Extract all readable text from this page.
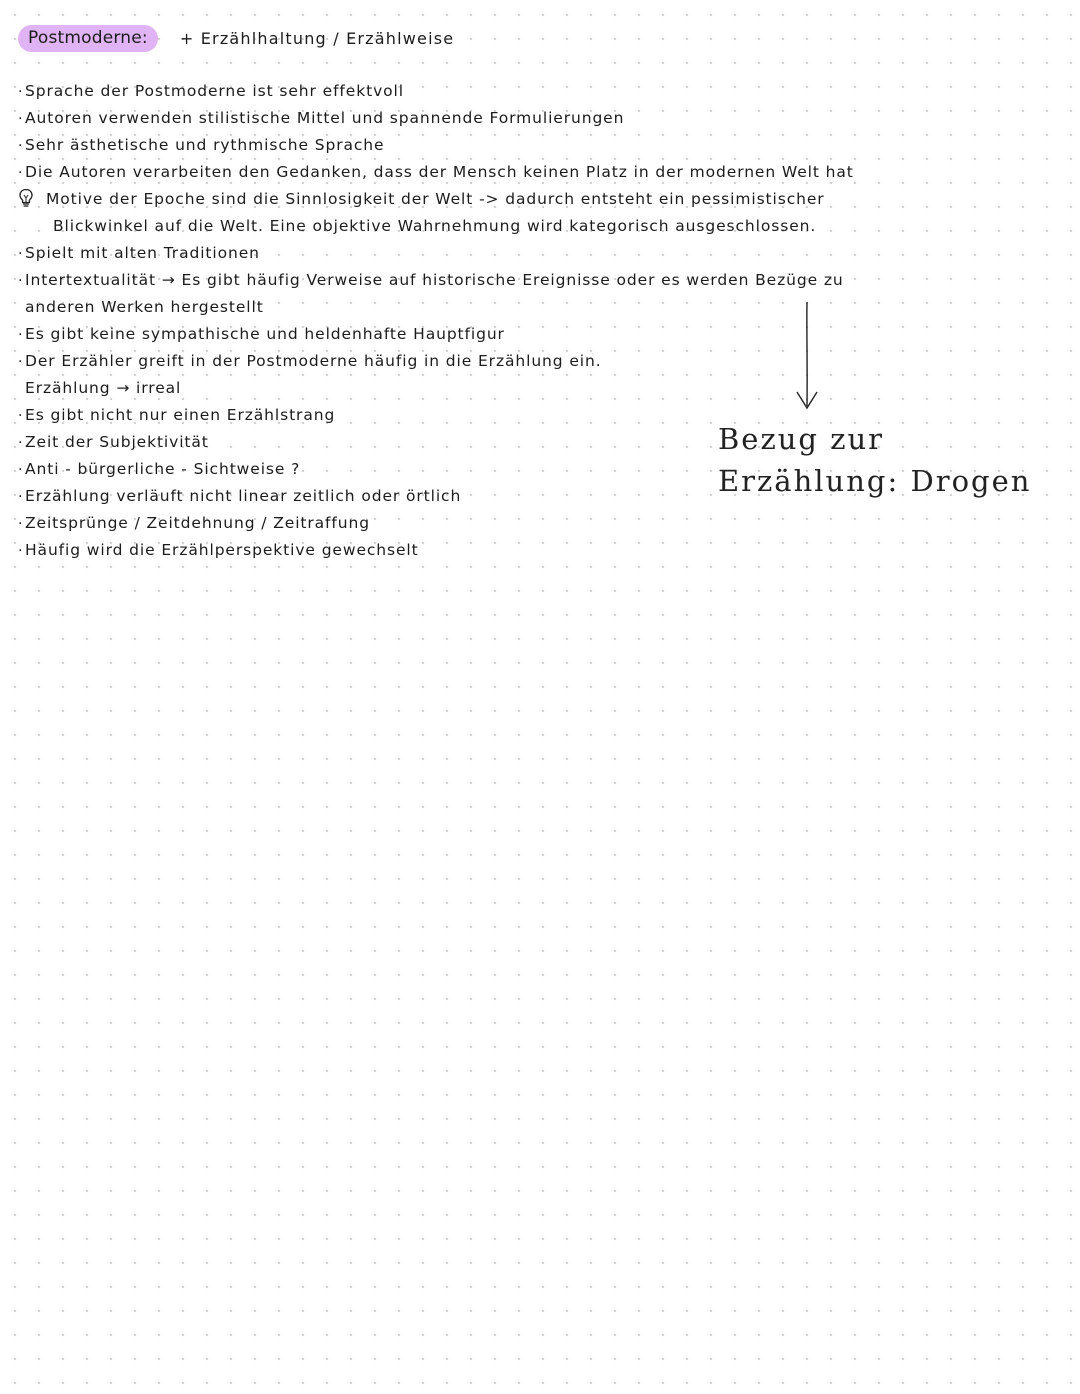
Postmoderne:	+ Erzählhaltung / Erzählweise
· Sprache der Postmoderne ist sehr effektvoll
· Autoren verwenden stilistische Mittel und spannende Formulierungen
· Sehr ästhetische und rythmische Sprache
· Die Autoren verarbeiten den Gedanken, dass der Mensch keinen Platz in der modernen Welt hat
Motive der Epoche sind die Sinnlosigkeit der Welt -> dadurch entsteht ein pessimistischer
Blickwinkel auf die Welt. Eine objektive Wahrnehmung wird kategorisch ausgeschlossen.
· Spielt mit alten Traditionen
· Intertextualität → Es gibt häufig Verweise auf historische Ereignisse oder es werden Bezüge zu
anderen Werken hergestellt
· Es gibt keine sympathische und heldenhafte Hauptfigur
· Der Erzähler greift in der Postmoderne häufig in die Erzählung ein.
Erzählung → irreal
· Es gibt nicht nur einen Erzählstrang
· Zeit der Subjektivität
· Anti - bürgerliche - Sichtweise ?
· Erzählung verläuft nicht linear zeitlich oder örtlich
· Zeitsprünge / Zeitdehnung / Zeitraffung
· Häufig wird die Erzählperspektive gewechselt
Bezug zur
Erzählung: Drogen
